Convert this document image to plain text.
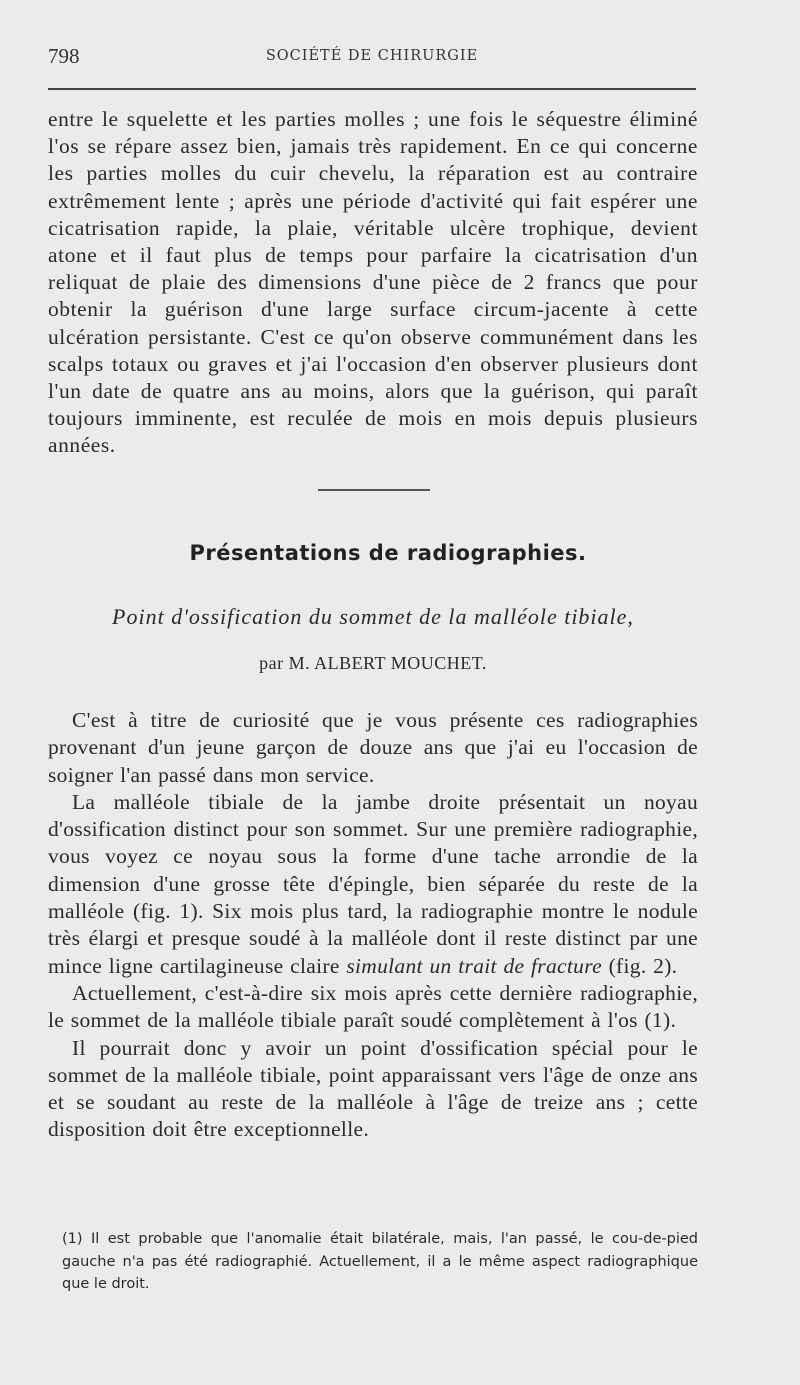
798	SOCIÉTÉ DE CHIRURGIE

entre le squelette et les parties molles ; une fois le séquestre éliminé l'os se répare assez bien, jamais très rapidement. En ce qui concerne les parties molles du cuir chevelu, la réparation est au contraire extrêmement lente ; après une période d'activité qui fait espérer une cicatrisation rapide, la plaie, véritable ulcère trophique, devient atone et il faut plus de temps pour parfaire la cicatrisation d'un reliquat de plaie des dimensions d'une pièce de 2 francs que pour obtenir la guérison d'une large surface circum-jacente à cette ulcération persistante. C'est ce qu'on observe communément dans les scalps totaux ou graves et j'ai l'occasion d'en observer plusieurs dont l'un date de quatre ans au moins, alors que la guérison, qui paraît toujours imminente, est reculée de mois en mois depuis plusieurs années.

Présentations de radiographies.
Point d'ossification du sommet de la malléole tibiale,
par M. ALBERT MOUCHET.

C'est à titre de curiosité que je vous présente ces radiographies provenant d'un jeune garçon de douze ans que j'ai eu l'occasion de soigner l'an passé dans mon service.

La malléole tibiale de la jambe droite présentait un noyau d'ossification distinct pour son sommet. Sur une première radiographie, vous voyez ce noyau sous la forme d'une tache arrondie de la dimension d'une grosse tête d'épingle, bien séparée du reste de la malléole (fig. 1). Six mois plus tard, la radiographie montre le nodule très élargi et presque soudé à la malléole dont il reste distinct par une mince ligne cartilagineuse claire simulant un trait de fracture (fig. 2).

Actuellement, c'est-à-dire six mois après cette dernière radiographie, le sommet de la malléole tibiale paraît soudé complètement à l'os (1).

Il pourrait donc y avoir un point d'ossification spécial pour le sommet de la malléole tibiale, point apparaissant vers l'âge de onze ans et se soudant au reste de la malléole à l'âge de treize ans ; cette disposition doit être exceptionnelle.

(1) Il est probable que l'anomalie était bilatérale, mais, l'an passé, le cou-de-pied gauche n'a pas été radiographié. Actuellement, il a le même aspect radiographique que le droit.
